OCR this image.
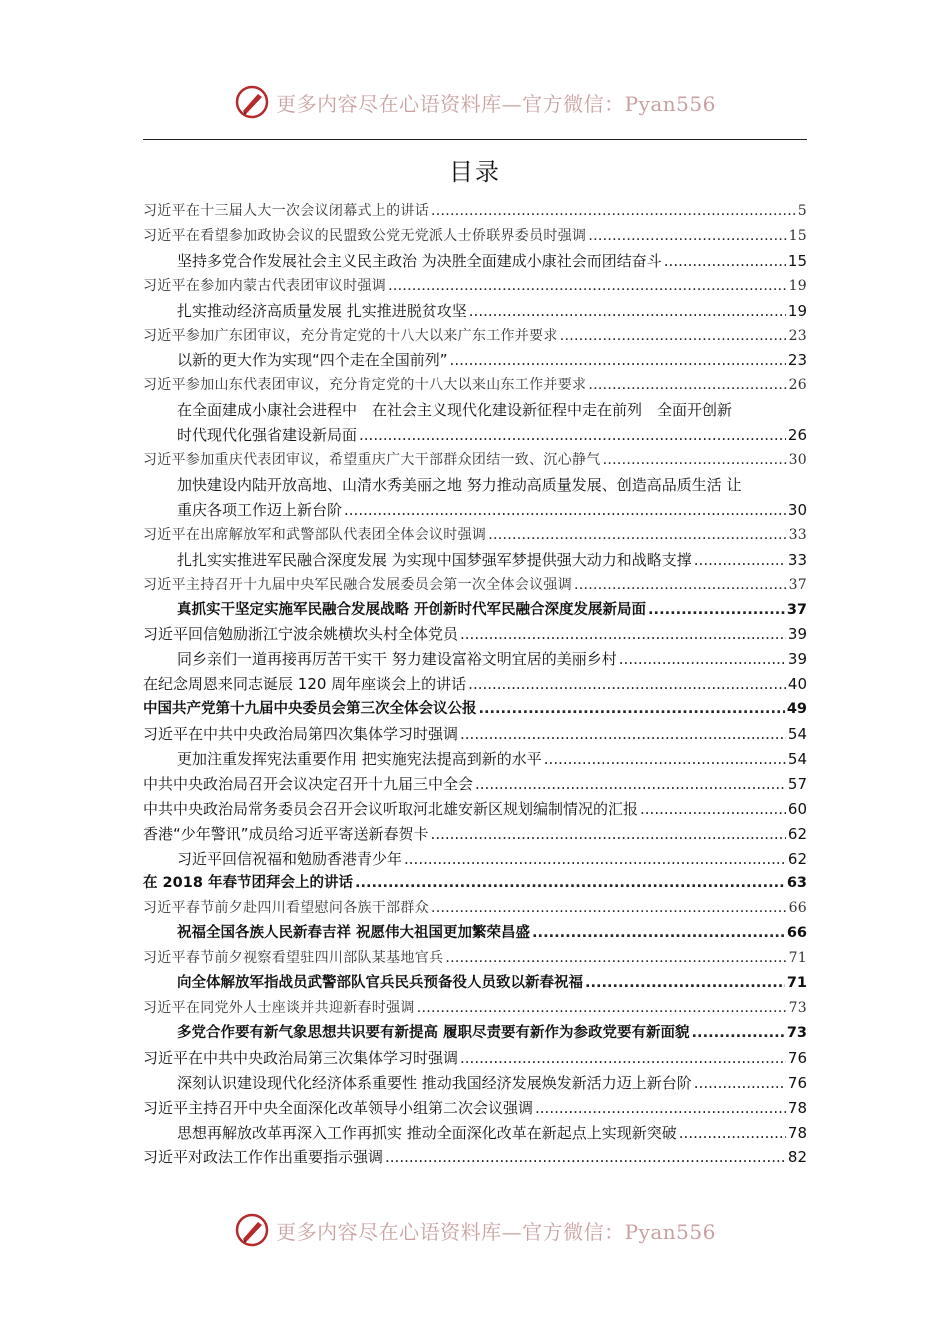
更多内容尽在心语资料库—官方微信：Pyan556
目录
习近平在十三届人大一次会议闭幕式上的讲话 .....	5
习近平在看望参加政协会议的民盟致公党无党派人士侨联界委员时强调 .....	15
坚持多党合作发展社会主义民主政治 为决胜全面建成小康社会而团结奋斗 .....	15
习近平在参加内蒙古代表团审议时强调 .....	19
扎实推动经济高质量发展 扎实推进脱贫攻坚 .....	19
习近平参加广东团审议，充分肯定党的十八大以来广东工作并要求 .....	23
以新的更大作为实现“四个走在全国前列” .....	23
习近平参加山东代表团审议，充分肯定党的十八大以来山东工作并要求 .....	26
在全面建成小康社会进程中　在社会主义现代化建设新征程中走在前列　全面开创新
时代现代化强省建设新局面 .....	26
习近平参加重庆代表团审议，希望重庆广大干部群众团结一致、沉心静气 .....	30
加快建设内陆开放高地、山清水秀美丽之地 努力推动高质量发展、创造高品质生活 让
重庆各项工作迈上新台阶 .....	30
习近平在出席解放军和武警部队代表团全体会议时强调 .....	33
扎扎实实推进军民融合深度发展 为实现中国梦强军梦提供强大动力和战略支撑 .....	33
习近平主持召开十九届中央军民融合发展委员会第一次全体会议强调 .....	37
真抓实干坚定实施军民融合发展战略 开创新时代军民融合深度发展新局面 .....	37
习近平回信勉励浙江宁波余姚横坎头村全体党员 .....	39
同乡亲们一道再接再厉苦干实干 努力建设富裕文明宜居的美丽乡村 .....	39
在纪念周恩来同志诞辰 120 周年座谈会上的讲话 .....	40
中国共产党第十九届中央委员会第三次全体会议公报 .....	49
习近平在中共中央政治局第四次集体学习时强调 .....	54
更加注重发挥宪法重要作用 把实施宪法提高到新的水平 .....	54
中共中央政治局召开会议决定召开十九届三中全会 .....	57
中共中央政治局常务委员会召开会议听取河北雄安新区规划编制情况的汇报 .....	60
香港“少年警讯”成员给习近平寄送新春贺卡 .....	62
习近平回信祝福和勉励香港青少年 .....	62
在 2018 年春节团拜会上的讲话 .....	63
习近平春节前夕赴四川看望慰问各族干部群众 .....	66
祝福全国各族人民新春吉祥 祝愿伟大祖国更加繁荣昌盛 .....	66
习近平春节前夕视察看望驻四川部队某基地官兵 .....	71
向全体解放军指战员武警部队官兵民兵预备役人员致以新春祝福 .....	71
习近平在同党外人士座谈并共迎新春时强调 .....	73
多党合作要有新气象思想共识要有新提高 履职尽责要有新作为参政党要有新面貌 .....	73
习近平在中共中央政治局第三次集体学习时强调 .....	76
深刻认识建设现代化经济体系重要性 推动我国经济发展焕发新活力迈上新台阶 .....	76
习近平主持召开中央全面深化改革领导小组第二次会议强调 .....	78
思想再解放改革再深入工作再抓实 推动全面深化改革在新起点上实现新突破 .....	78
习近平对政法工作作出重要指示强调 .....	82
更多内容尽在心语资料库—官方微信：Pyan556
